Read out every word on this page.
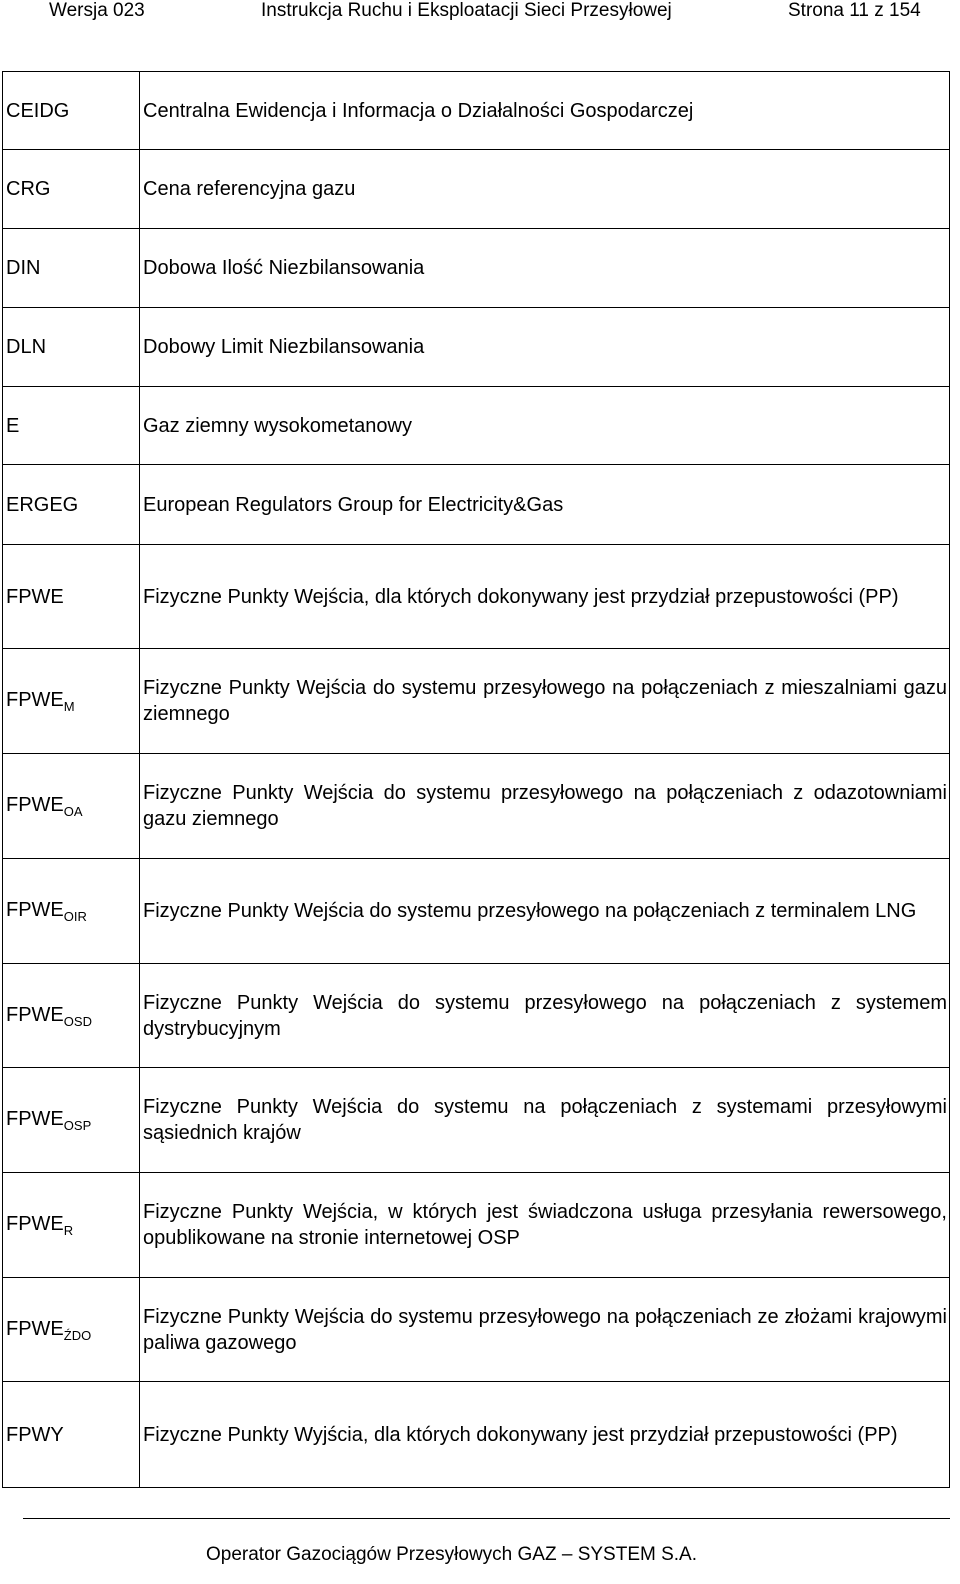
Wersja 023	Instrukcja Ruchu i Eksploatacji Sieci Przesyłowej	Strona 11 z 154
CEIDG	Centralna Ewidencja i Informacja o Działalności Gospodarczej
CRG	Cena referencyjna gazu
DIN	Dobowa Ilość Niezbilansowania
DLN	Dobowy Limit Niezbilansowania
E	Gaz ziemny wysokometanowy
ERGEG	European Regulators Group for Electricity&Gas
FPWE	Fizyczne Punkty Wejścia, dla których dokonywany jest przydział przepustowości (PP)
$FPWE_M$	Fizyczne Punkty Wejścia do systemu przesyłowego na połączeniach z mieszalniami gazu ziemnego
$FPWE_{OA}$	Fizyczne Punkty Wejścia do systemu przesyłowego na połączeniach z odazotowniami gazu ziemnego
$FPWE_{OIR}$	Fizyczne Punkty Wejścia do systemu przesyłowego na połączeniach z terminalem LNG
$FPWE_{OSD}$	Fizyczne Punkty Wejścia do systemu przesyłowego na połączeniach z systemem dystrybucyjnym
$FPWE_{OSP}$	Fizyczne Punkty Wejścia do systemu na połączeniach z systemami przesyłowymi sąsiednich krajów
$FPWE_R$	Fizyczne Punkty Wejścia, w których jest świadczona usługa przesyłania rewersowego, opublikowane na stronie internetowej OSP
$FPWE_{ŹDO}$	Fizyczne Punkty Wejścia do systemu przesyłowego na połączeniach ze złożami krajowymi paliwa gazowego
FPWY	Fizyczne Punkty Wyjścia, dla których dokonywany jest przydział przepustowości (PP)
Operator Gazociągów Przesyłowych GAZ – SYSTEM S.A.
